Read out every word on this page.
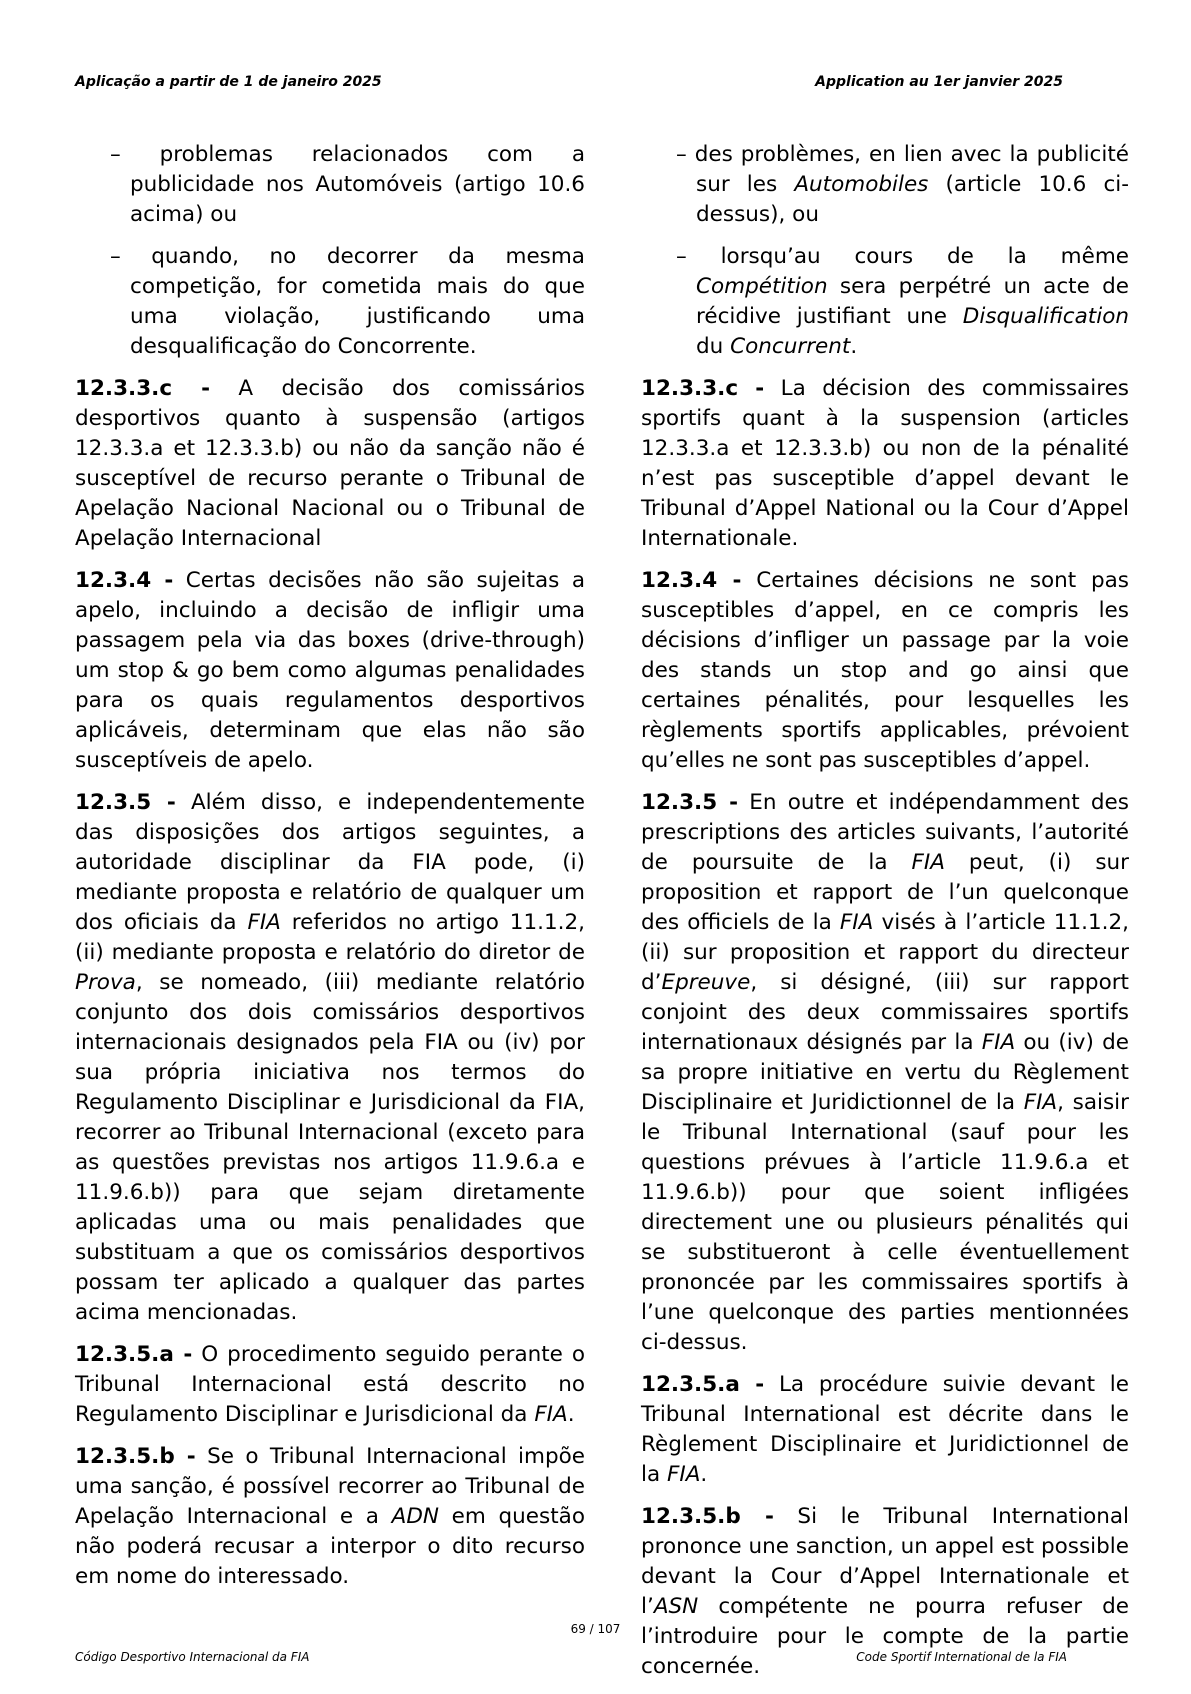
Aplicação a partir de 1 de janeiro 2025	Application au 1er janvier 2025

– problemas relacionados com a publicidade nos Automóveis (artigo 10.6 acima) ou

– quando, no decorrer da mesma competição, for cometida mais do que uma violação, justificando uma desqualificação do Concorrente.

12.3.3.c - A decisão dos comissários desportivos quanto à suspensão (artigos 12.3.3.a et 12.3.3.b) ou não da sanção não é susceptível de recurso perante o Tribunal de Apelação Nacional Nacional ou o Tribunal de Apelação Internacional

12.3.4 - Certas decisões não são sujeitas a apelo, incluindo a decisão de infligir uma passagem pela via das boxes (drive-through) um stop & go bem como algumas penalidades para os quais regulamentos desportivos aplicáveis, determinam que elas não são susceptíveis de apelo.

12.3.5 - Além disso, e independentemente das disposições dos artigos seguintes, a autoridade disciplinar da FIA pode, (i) mediante proposta e relatório de qualquer um dos oficiais da FIA referidos no artigo 11.1.2, (ii) mediante proposta e relatório do diretor de Prova, se nomeado, (iii) mediante relatório conjunto dos dois comissários desportivos internacionais designados pela FIA ou (iv) por sua própria iniciativa nos termos do Regulamento Disciplinar e Jurisdicional da FIA, recorrer ao Tribunal Internacional (exceto para as questões previstas nos artigos 11.9.6.a e 11.9.6.b)) para que sejam diretamente aplicadas uma ou mais penalidades que substituam a que os comissários desportivos possam ter aplicado a qualquer das partes acima mencionadas.

12.3.5.a - O procedimento seguido perante o Tribunal Internacional está descrito no Regulamento Disciplinar e Jurisdicional da FIA.

12.3.5.b - Se o Tribunal Internacional impõe uma sanção, é possível recorrer ao Tribunal de Apelação Internacional e a ADN em questão não poderá recusar a interpor o dito recurso em nome do interessado.

– des problèmes, en lien avec la publicité sur les Automobiles (article 10.6 ci-dessus), ou

– lorsqu’au cours de la même Compétition sera perpétré un acte de récidive justifiant une Disqualification du Concurrent.

12.3.3.c - La décision des commissaires sportifs quant à la suspension (articles 12.3.3.a et 12.3.3.b) ou non de la pénalité n’est pas susceptible d’appel devant le Tribunal d’Appel National ou la Cour d’Appel Internationale.

12.3.4 - Certaines décisions ne sont pas susceptibles d’appel, en ce compris les décisions d’infliger un passage par la voie des stands un stop and go ainsi que certaines pénalités, pour lesquelles les règlements sportifs applicables, prévoient qu’elles ne sont pas susceptibles d’appel.

12.3.5 - En outre et indépendamment des prescriptions des articles suivants, l’autorité de poursuite de la FIA peut, (i) sur proposition et rapport de l’un quelconque des officiels de la FIA visés à l’article 11.1.2, (ii) sur proposition et rapport du directeur d’Epreuve, si désigné, (iii) sur rapport conjoint des deux commissaires sportifs internationaux désignés par la FIA ou (iv) de sa propre initiative en vertu du Règlement Disciplinaire et Juridictionnel de la FIA, saisir le Tribunal International (sauf pour les questions prévues à l’article 11.9.6.a et 11.9.6.b)) pour que soient infligées directement une ou plusieurs pénalités qui se substitueront à celle éventuellement prononcée par les commissaires sportifs à l’une quelconque des parties mentionnées ci-dessus.

12.3.5.a - La procédure suivie devant le Tribunal International est décrite dans le Règlement Disciplinaire et Juridictionnel de la FIA.

12.3.5.b - Si le Tribunal International prononce une sanction, un appel est possible devant la Cour d’Appel Internationale et l’ASN compétente ne pourra refuser de l’introduire pour le compte de la partie concernée.

69 / 107
Código Desportivo Internacional da FIA	Code Sportif International de la FIA
